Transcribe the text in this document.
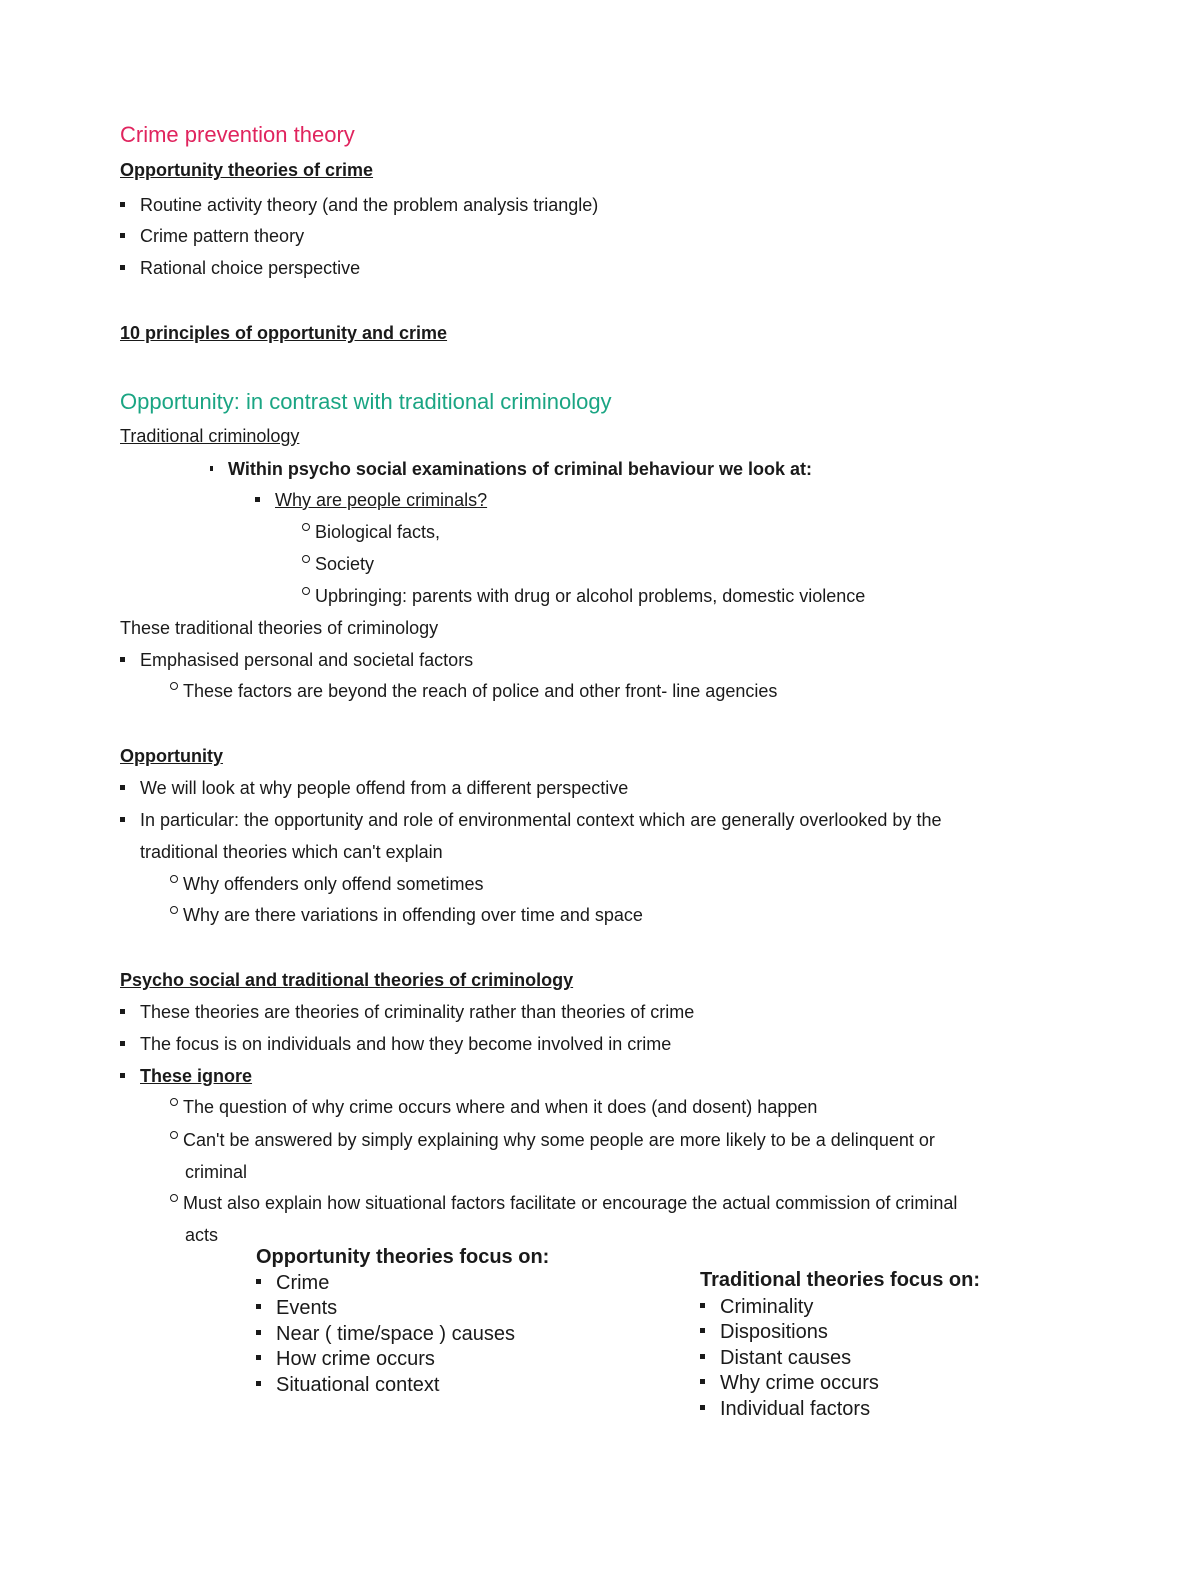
Crime prevention theory
Opportunity theories of crime
Routine activity theory (and the problem analysis triangle)
Crime pattern theory
Rational choice perspective
10 principles of opportunity and crime
Opportunity: in contrast with traditional criminology
Traditional criminology
Within psycho social examinations of criminal behaviour we look at:
Why are people criminals?
Biological facts,
Society
Upbringing: parents with drug or alcohol problems, domestic violence
These traditional theories of criminology
Emphasised personal and societal factors
These factors are beyond the reach of police and other front- line agencies
Opportunity
We will look at why people offend from a different perspective
In particular: the opportunity and role of environmental context which are generally overlooked by the
traditional theories which can't explain
Why offenders only offend sometimes
Why are there variations in offending over time and space
Psycho social and traditional theories of criminology
These theories are theories of criminality rather than theories of crime
The focus is on individuals and how they become involved in crime
These ignore
The question of why crime occurs where and when it does (and dosent) happen
Can't be answered by simply explaining why some people are more likely to be a delinquent or
criminal
Must also explain how situational factors facilitate or encourage the actual commission of criminal
acts
Opportunity theories focus on:
Crime
Events
Near ( time/space ) causes
How crime occurs
Situational context
Traditional theories focus on:
Criminality
Dispositions
Distant causes
Why crime occurs
Individual factors
